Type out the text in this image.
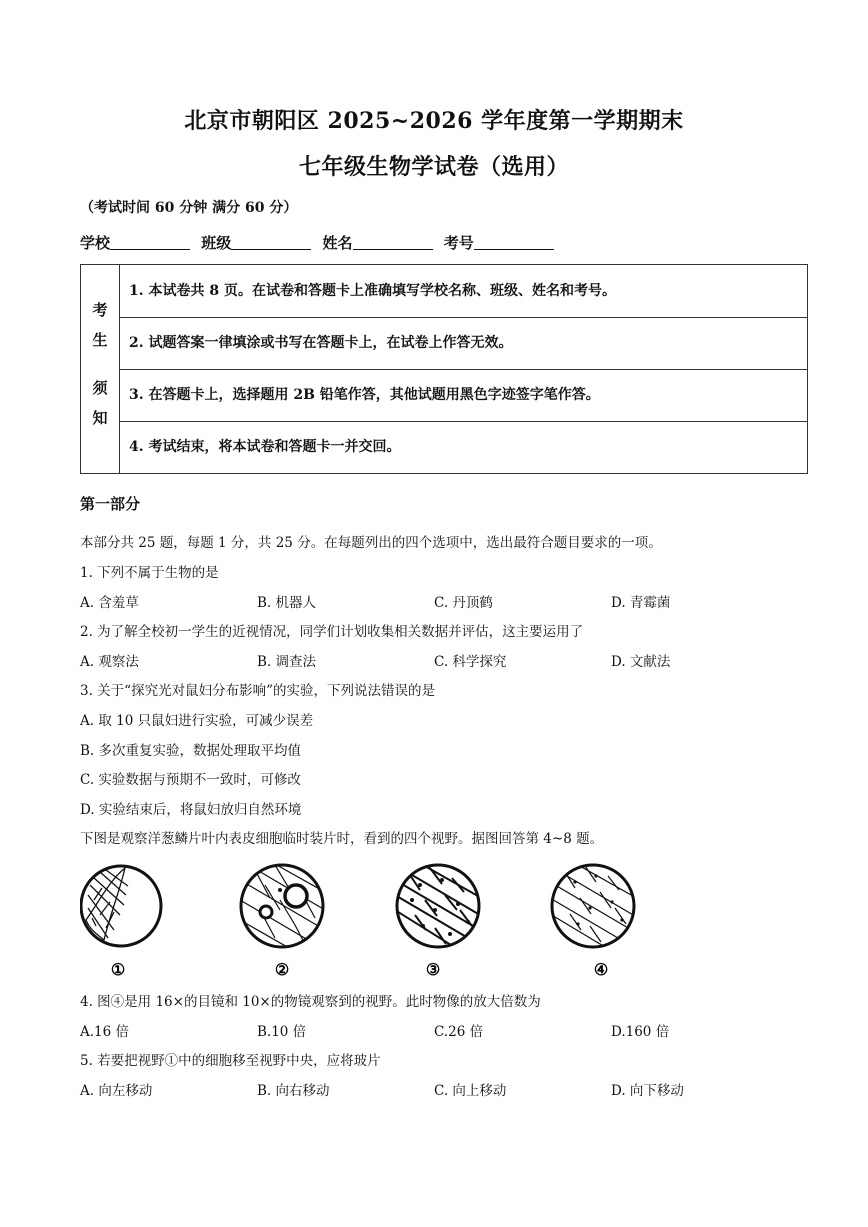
北京市朝阳区 2025~2026 学年度第一学期期末
七年级生物学试卷（选用）
（考试时间 60 分钟 满分 60 分）
学校	班级	姓名	考号
考
生
须
知
1. 本试卷共 8 页。在试卷和答题卡上准确填写学校名称、班级、姓名和考号。
2. 试题答案一律填涂或书写在答题卡上，在试卷上作答无效。
3. 在答题卡上，选择题用 2B 铅笔作答，其他试题用黑色字迹签字笔作答。
4. 考试结束，将本试卷和答题卡一并交回。
第一部分
本部分共 25 题，每题 1 分，共 25 分。在每题列出的四个选项中，选出最符合题目要求的一项。
1. 下列不属于生物的是
A. 含羞草	B. 机器人	C. 丹顶鹤	D. 青霉菌
2. 为了解全校初一学生的近视情况，同学们计划收集相关数据并评估，这主要运用了
A. 观察法	B. 调查法	C. 科学探究	D. 文献法
3. 关于“探究光对鼠妇分布影响”的实验，下列说法错误的是
A. 取 10 只鼠妇进行实验，可减少误差
B. 多次重复实验，数据处理取平均值
C. 实验数据与预期不一致时，可修改
D. 实验结束后，将鼠妇放归自然环境
下图是观察洋葱鳞片叶内表皮细胞临时装片时，看到的四个视野。据图回答第 4~8 题。
①	②	③	④
4. 图④是用 16×的目镜和 10×的物镜观察到的视野。此时物像的放大倍数为
A.16 倍	B.10 倍	C.26 倍	D.160 倍
5. 若要把视野①中的细胞移至视野中央，应将玻片
A. 向左移动	B. 向右移动	C. 向上移动	D. 向下移动
